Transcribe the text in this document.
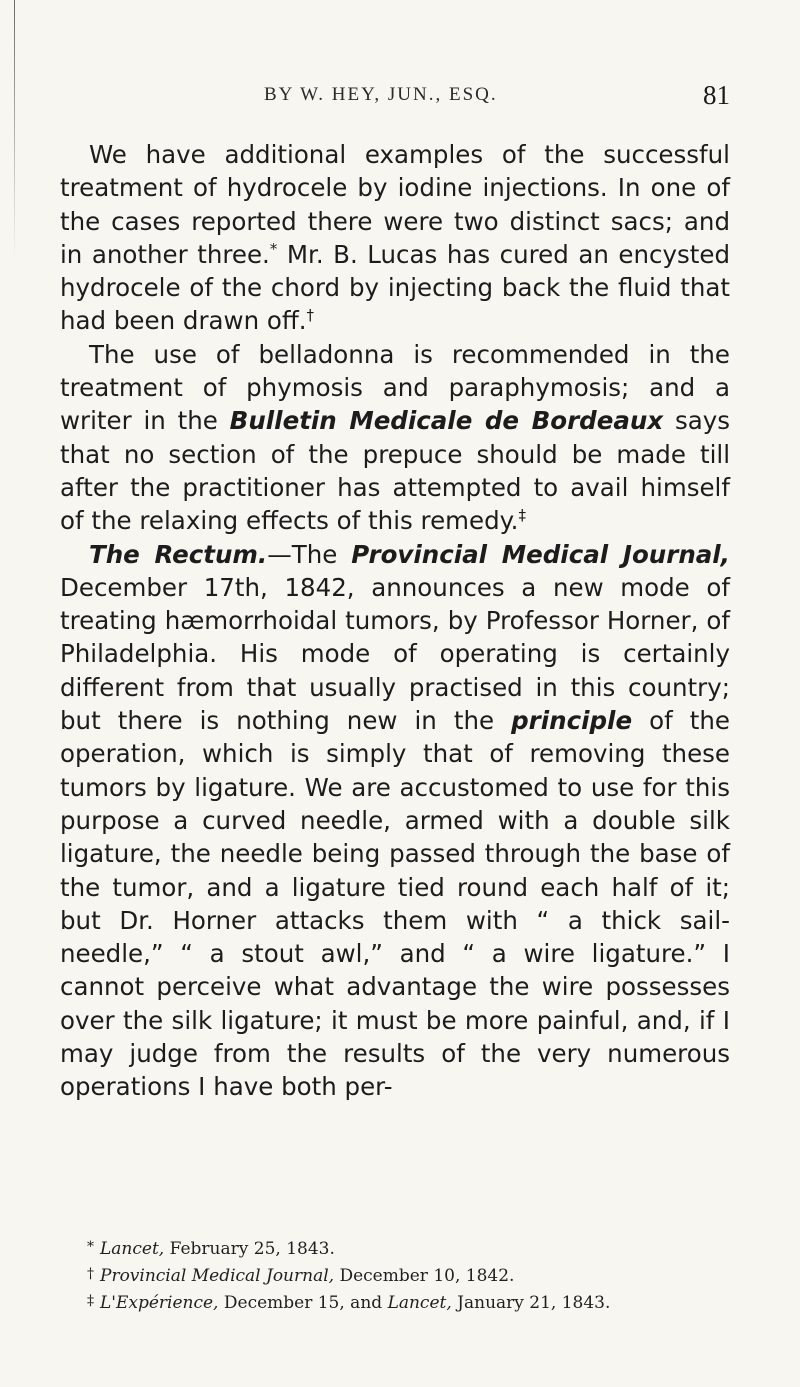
BY W. HEY, JUN., ESQ.	81

We have additional examples of the successful treatment of hydrocele by iodine injections. In one of the cases reported there were two distinct sacs; and in another three.* Mr. B. Lucas has cured an encysted hydrocele of the chord by injecting back the fluid that had been drawn off.†

The use of belladonna is recommended in the treatment of phymosis and paraphymosis; and a writer in the Bulletin Medicale de Bordeaux says that no section of the prepuce should be made till after the practitioner has attempted to avail himself of the relaxing effects of this remedy.‡

The Rectum.—The Provincial Medical Journal, December 17th, 1842, announces a new mode of treating hæmorrhoidal tumors, by Professor Horner, of Philadelphia. His mode of operating is certainly different from that usually practised in this country; but there is nothing new in the principle of the operation, which is simply that of removing these tumors by ligature. We are accustomed to use for this purpose a curved needle, armed with a double silk ligature, the needle being passed through the base of the tumor, and a ligature tied round each half of it; but Dr. Horner attacks them with “ a thick sail-needle,” “ a stout awl,” and “ a wire ligature.” I cannot perceive what advantage the wire possesses over the silk ligature; it must be more painful, and, if I may judge from the results of the very numerous operations I have both per-

* Lancet, February 25, 1843.
† Provincial Medical Journal, December 10, 1842.
‡ L'Expérience, December 15, and Lancet, January 21, 1843.
